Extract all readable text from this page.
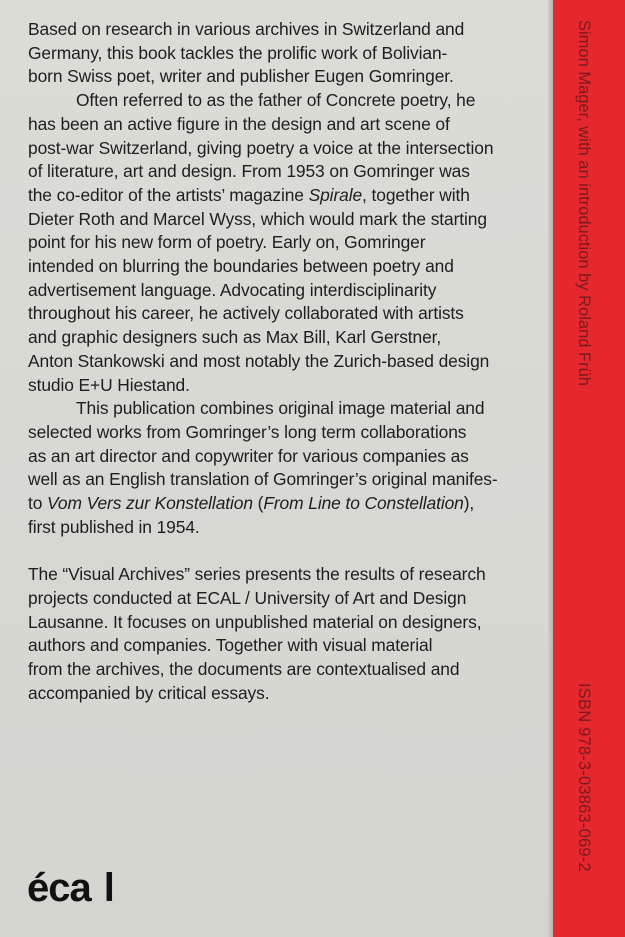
Based on research in various archives in Switzerland and
Germany, this book tackles the prolific work of Bolivian-
born Swiss poet, writer and publisher Eugen Gomringer.

Often referred to as the father of Concrete poetry, he
has been an active figure in the design and art scene of
post-war Switzerland, giving poetry a voice at the intersection
of literature, art and design. From 1953 on Gomringer was
the co-editor of the artists’ magazine Spirale, together with
Dieter Roth and Marcel Wyss, which would mark the starting
point for his new form of poetry. Early on, Gomringer
intended on blurring the boundaries between poetry and
advertisement language. Advocating interdisciplinarity
throughout his career, he actively collaborated with artists
and graphic designers such as Max Bill, Karl Gerstner,
Anton Stankowski and most notably the Zurich-based design
studio E+U Hiestand.

This publication combines original image material and
selected works from Gomringer’s long term collaborations
as an art director and copywriter for various companies as
well as an English translation of Gomringer’s original manifes-
to Vom Vers zur Konstellation (From Line to Constellation),
first published in 1954.

The “Visual Archives” series presents the results of research
projects conducted at ECAL / University of Art and Design
Lausanne. It focuses on unpublished material on designers,
authors and companies. Together with visual material
from the archives, the documents are contextualised and
accompanied by critical essays.

éca l
Simon Mager, with an introduction by Roland Früh
ISBN 978-3-03863-069-2
